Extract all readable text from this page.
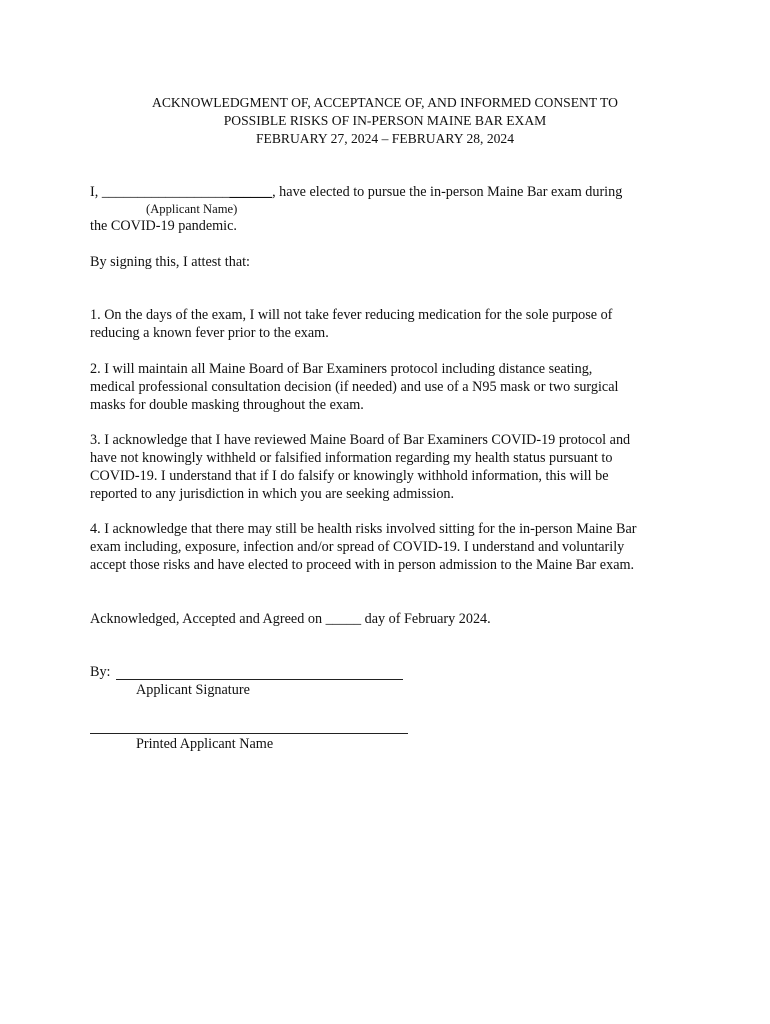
ACKNOWLEDGMENT OF, ACCEPTANCE OF, AND INFORMED CONSENT TO
POSSIBLE RISKS OF IN-PERSON MAINE BAR EXAM
FEBRUARY 27, 2024 – FEBRUARY 28, 2024
I, ________________________, have elected to pursue the in-person Maine Bar exam during
(Applicant Name)
the COVID-19 pandemic.
By signing this, I attest that:
1. On the days of the exam, I will not take fever reducing medication for the sole purpose of
reducing a known fever prior to the exam.
2. I will maintain all Maine Board of Bar Examiners protocol including distance seating,
medical professional consultation decision (if needed) and use of a N95 mask or two surgical
masks for double masking throughout the exam.
3. I acknowledge that I have reviewed Maine Board of Bar Examiners COVID-19 protocol and
have not knowingly withheld or falsified information regarding my health status pursuant to
COVID-19. I understand that if I do falsify or knowingly withhold information, this will be
reported to any jurisdiction in which you are seeking admission.
4. I acknowledge that there may still be health risks involved sitting for the in-person Maine Bar
exam including, exposure, infection and/or spread of COVID-19. I understand and voluntarily
accept those risks and have elected to proceed with in person admission to the Maine Bar exam.
Acknowledged, Accepted and Agreed on _____ day of February 2024.
By:
Applicant Signature
Printed Applicant Name
